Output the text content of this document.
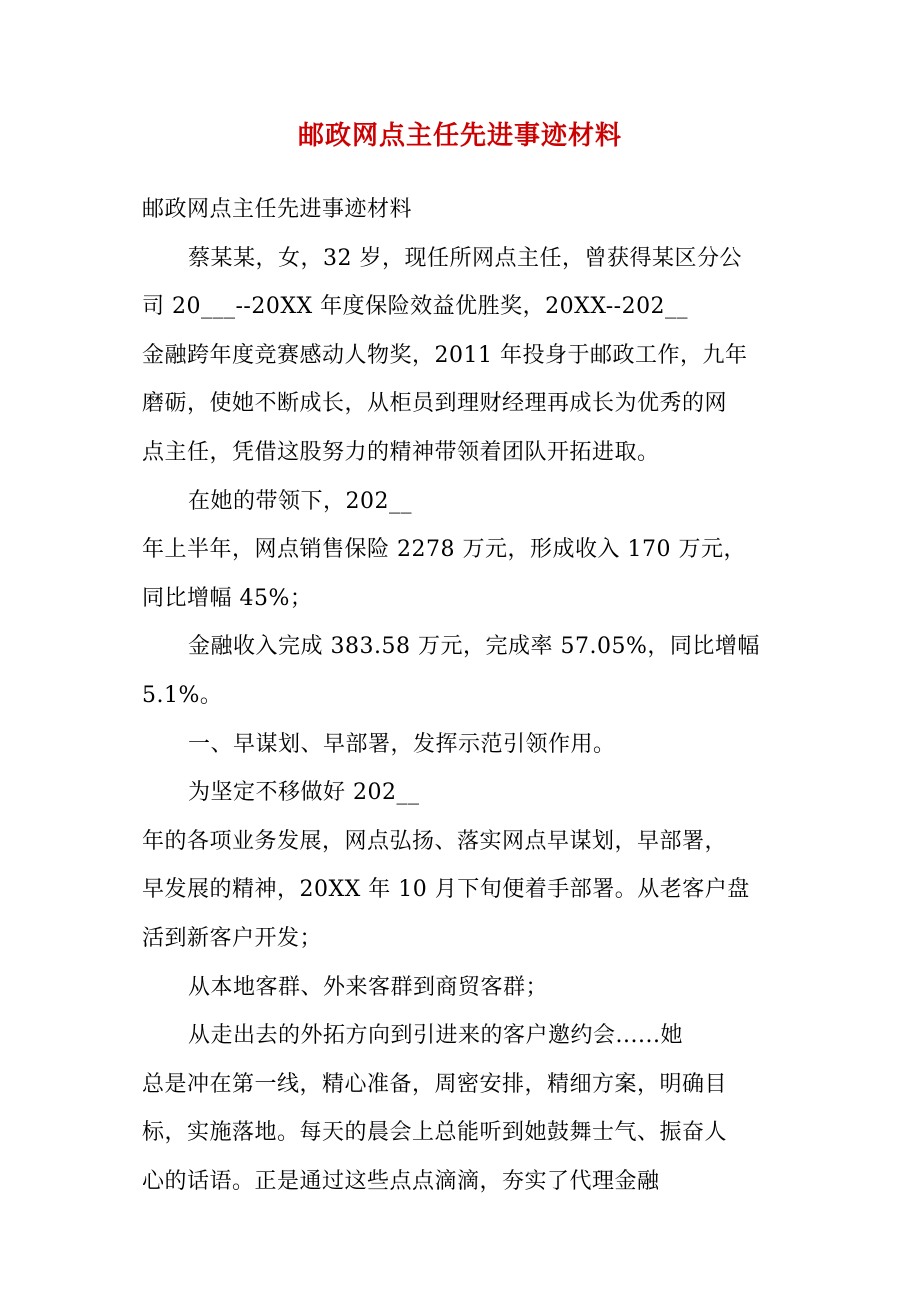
邮政网点主任先进事迹材料
邮政网点主任先进事迹材料
蔡某某，女，32 岁，现任所网点主任，曾获得某区分公
司 20___--20XX 年度保险效益优胜奖，20XX--202__
金融跨年度竞赛感动人物奖，2011 年投身于邮政工作，九年
磨砺，使她不断成长，从柜员到理财经理再成长为优秀的网
点主任，凭借这股努力的精神带领着团队开拓进取。
在她的带领下，202__
年上半年，网点销售保险 2278 万元，形成收入 170 万元，
同比增幅 45%；
金融收入完成 383.58 万元，完成率 57.05%，同比增幅
5.1%。
一、早谋划、早部署，发挥示范引领作用。
为坚定不移做好 202__
年的各项业务发展，网点弘扬、落实网点早谋划，早部署，
早发展的精神，20XX 年 10 月下旬便着手部署。从老客户盘
活到新客户开发；
从本地客群、外来客群到商贸客群；
从走出去的外拓方向到引进来的客户邀约会......她
总是冲在第一线，精心准备，周密安排，精细方案，明确目
标，实施落地。每天的晨会上总能听到她鼓舞士气、振奋人
心的话语。正是通过这些点点滴滴，夯实了代理金融
